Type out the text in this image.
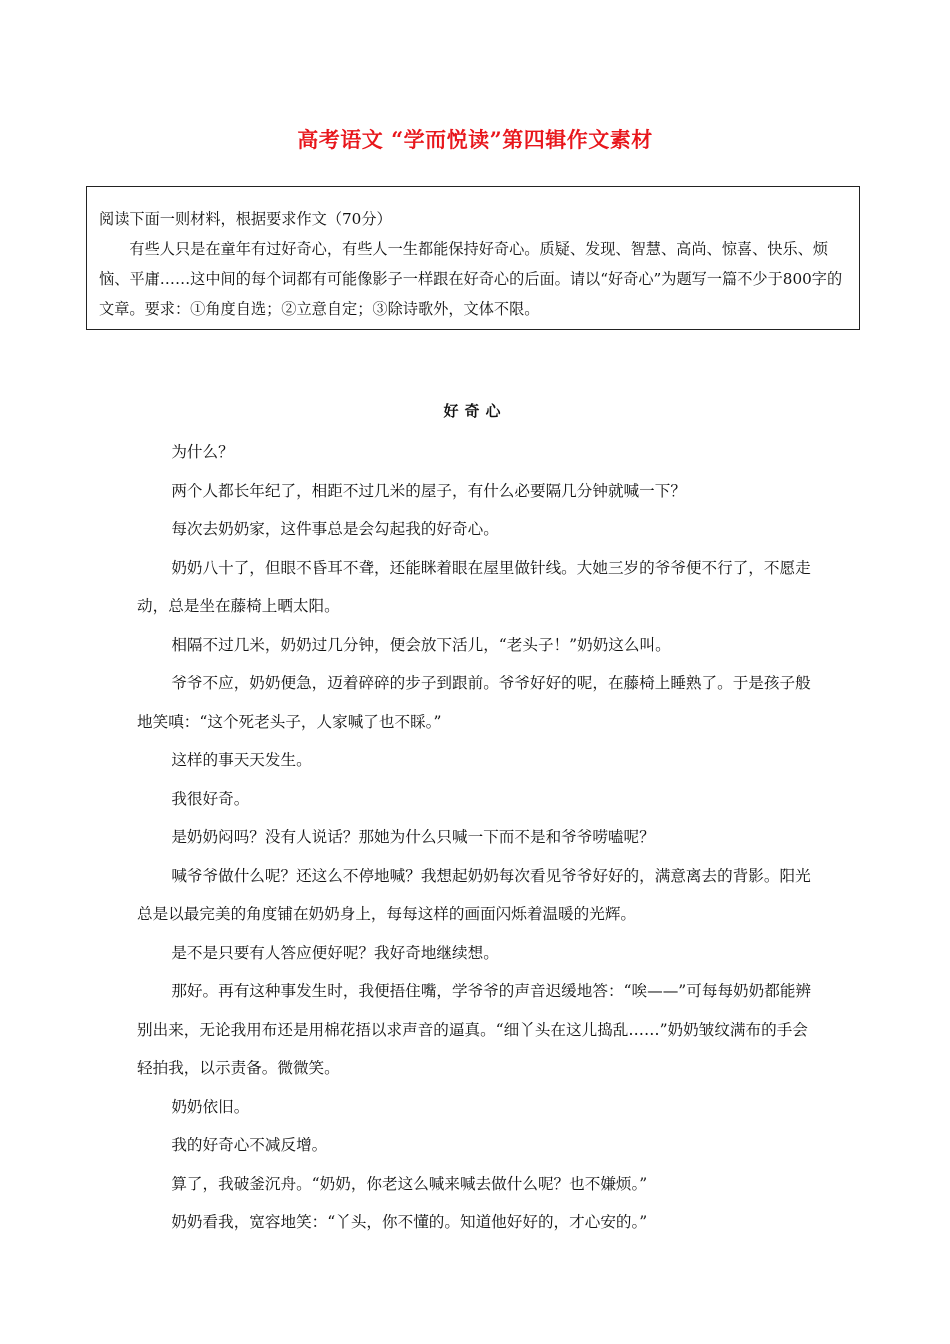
高考语文 “学而悦读”第四辑作文素材

阅读下面一则材料，根据要求作文（70分）

有些人只是在童年有过好奇心，有些人一生都能保持好奇心。质疑、发现、智慧、高尚、惊喜、快乐、烦恼、平庸……这中间的每个词都有可能像影子一样跟在好奇心的后面。请以“好奇心”为题写一篇不少于800字的文章。要求：①角度自选；②立意自定；③除诗歌外，文体不限。

好奇心

为什么？

两个人都长年纪了，相距不过几米的屋子，有什么必要隔几分钟就喊一下？

每次去奶奶家，这件事总是会勾起我的好奇心。

奶奶八十了，但眼不昏耳不聋，还能眯着眼在屋里做针线。大她三岁的爷爷便不行了，不愿走动，总是坐在藤椅上晒太阳。

相隔不过几米，奶奶过几分钟，便会放下活儿，“老头子！”奶奶这么叫。

爷爷不应，奶奶便急，迈着碎碎的步子到跟前。爷爷好好的呢，在藤椅上睡熟了。于是孩子般地笑嗔：“这个死老头子，人家喊了也不睬。”

这样的事天天发生。

我很好奇。

是奶奶闷吗？没有人说话？那她为什么只喊一下而不是和爷爷唠嗑呢？

喊爷爷做什么呢？还这么不停地喊？我想起奶奶每次看见爷爷好好的，满意离去的背影。阳光总是以最完美的角度铺在奶奶身上，每每这样的画面闪烁着温暖的光辉。

是不是只要有人答应便好呢？我好奇地继续想。

那好。再有这种事发生时，我便捂住嘴，学爷爷的声音迟缓地答：“唉——”可每每奶奶都能辨别出来，无论我用布还是用棉花捂以求声音的逼真。“细丫头在这儿捣乱……”奶奶皱纹满布的手会轻拍我，以示责备。微微笑。

奶奶依旧。

我的好奇心不减反增。

算了，我破釜沉舟。“奶奶，你老这么喊来喊去做什么呢？也不嫌烦。”

奶奶看我，宽容地笑：“丫头，你不懂的。知道他好好的，才心安的。”
